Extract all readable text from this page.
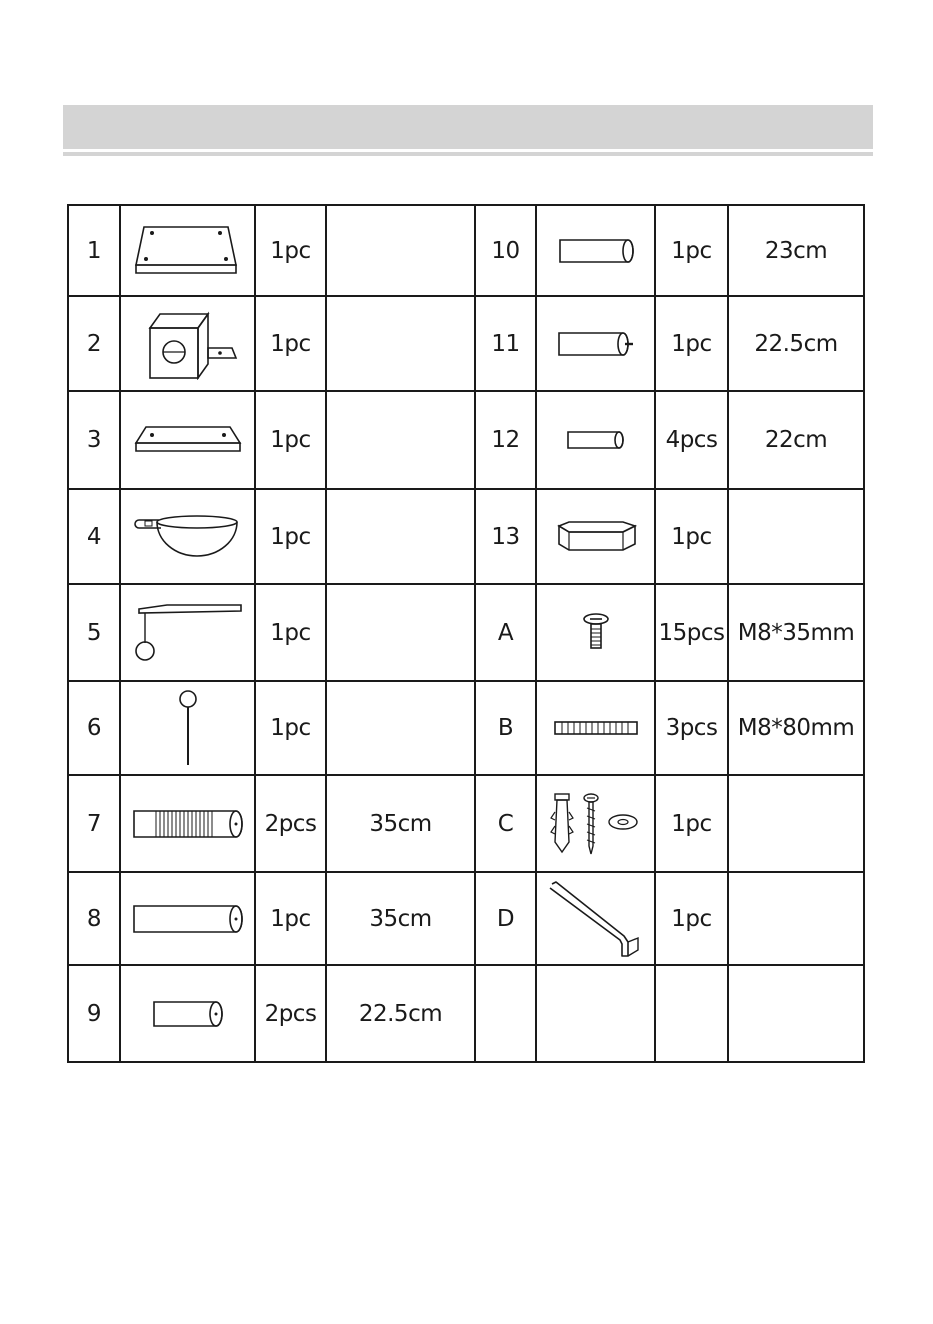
1		1pc		10		1pc	23cm
2		1pc		11		1pc	22.5cm
3		1pc		12		4pcs	22cm
4		1pc		13		1pc	
5		1pc		A		15pcs	M8*35mm
6		1pc		B		3pcs	M8*80mm
7		2pcs	35cm	C		1pc	
8		1pc	35cm	D		1pc	
9		2pcs	22.5cm				
